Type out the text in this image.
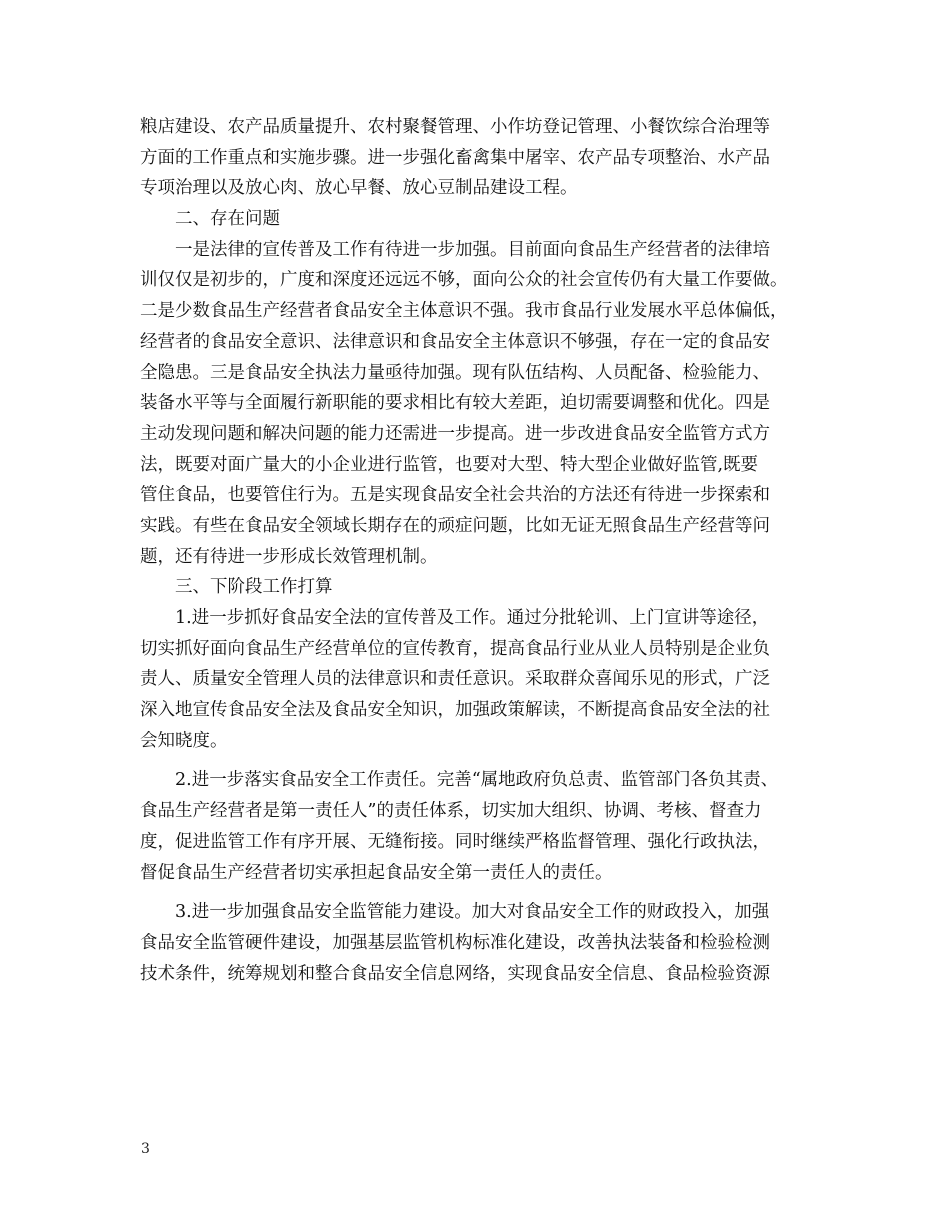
粮店建设、农产品质量提升、农村聚餐管理、小作坊登记管理、小餐饮综合治理等

方面的工作重点和实施步骤。进一步强化畜禽集中屠宰、农产品专项整治、水产品

专项治理以及放心肉、放心早餐、放心豆制品建设工程。

二、存在问题

一是法律的宣传普及工作有待进一步加强。目前面向食品生产经营者的法律培

训仅仅是初步的，广度和深度还远远不够，面向公众的社会宣传仍有大量工作要做。

二是少数食品生产经营者食品安全主体意识不强。我市食品行业发展水平总体偏低，

经营者的食品安全意识、法律意识和食品安全主体意识不够强，存在一定的食品安

全隐患。三是食品安全执法力量亟待加强。现有队伍结构、人员配备、检验能力、

装备水平等与全面履行新职能的要求相比有较大差距，迫切需要调整和优化。四是

主动发现问题和解决问题的能力还需进一步提高。进一步改进食品安全监管方式方

法，既要对面广量大的小企业进行监管，也要对大型、特大型企业做好监管,既要

管住食品，也要管住行为。五是实现食品安全社会共治的方法还有待进一步探索和

实践。有些在食品安全领域长期存在的顽症问题，比如无证无照食品生产经营等问

题，还有待进一步形成长效管理机制。

三、下阶段工作打算

1.进一步抓好食品安全法的宣传普及工作。通过分批轮训、上门宣讲等途径，

切实抓好面向食品生产经营单位的宣传教育，提高食品行业从业人员特别是企业负

责人、质量安全管理人员的法律意识和责任意识。采取群众喜闻乐见的形式，广泛

深入地宣传食品安全法及食品安全知识，加强政策解读，不断提高食品安全法的社

会知晓度。

2.进一步落实食品安全工作责任。完善“属地政府负总责、监管部门各负其责、

食品生产经营者是第一责任人”的责任体系，切实加大组织、协调、考核、督查力

度，促进监管工作有序开展、无缝衔接。同时继续严格监督管理、强化行政执法，

督促食品生产经营者切实承担起食品安全第一责任人的责任。

3.进一步加强食品安全监管能力建设。加大对食品安全工作的财政投入，加强

食品安全监管硬件建设，加强基层监管机构标准化建设，改善执法装备和检验检测

技术条件，统筹规划和整合食品安全信息网络，实现食品安全信息、食品检验资源

3
